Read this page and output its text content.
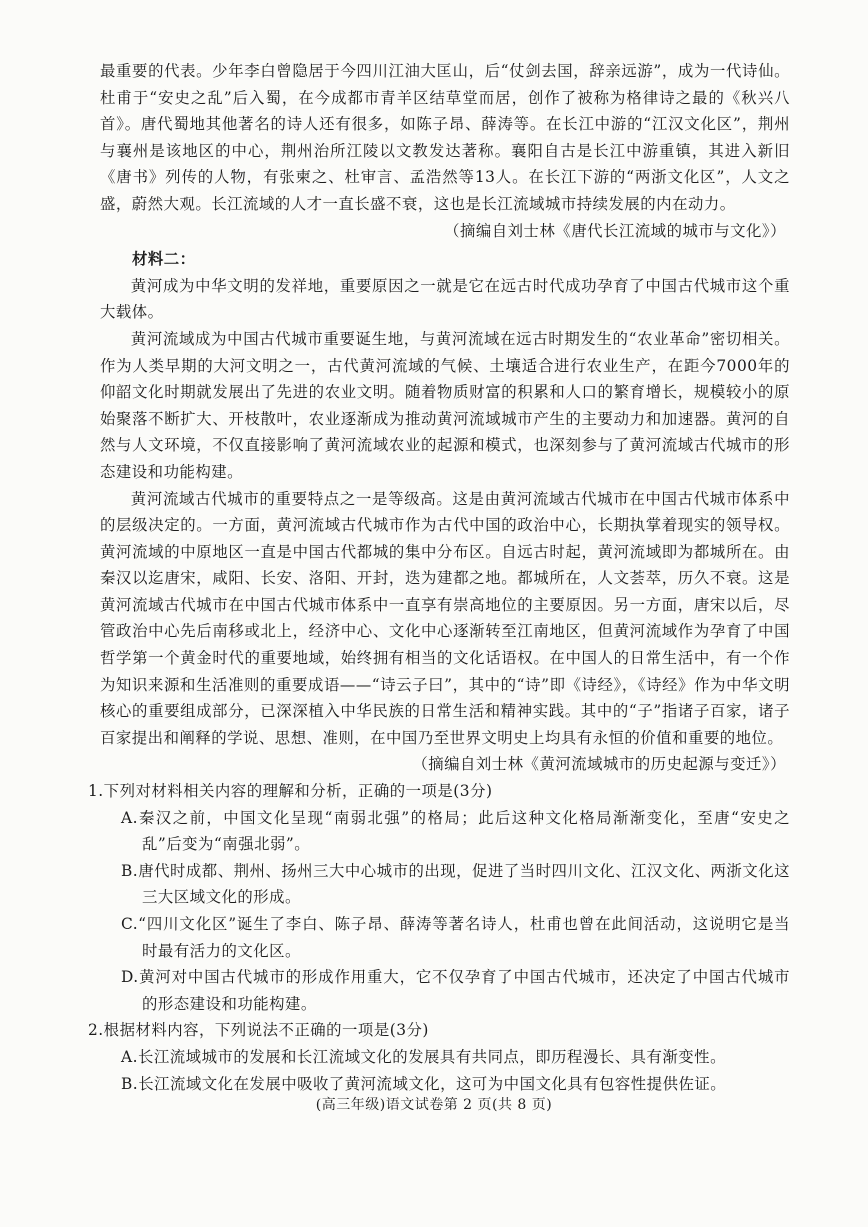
最重要的代表。少年李白曾隐居于今四川江油大匡山，后“仗剑去国，辞亲远游”，成为一代诗仙。杜甫于“安史之乱”后入蜀，在今成都市青羊区结草堂而居，创作了被称为格律诗之最的《秋兴八首》。唐代蜀地其他著名的诗人还有很多，如陈子昂、薛涛等。在长江中游的“江汉文化区”，荆州与襄州是该地区的中心，荆州治所江陵以文教发达著称。襄阳自古是长江中游重镇，其进入新旧《唐书》列传的人物，有张柬之、杜审言、孟浩然等13人。在长江下游的“两浙文化区”，人文之盛，蔚然大观。长江流域的人才一直长盛不衰，这也是长江流域城市持续发展的内在动力。

（摘编自刘士林《唐代长江流域的城市与文化》）

材料二：

黄河成为中华文明的发祥地，重要原因之一就是它在远古时代成功孕育了中国古代城市这个重大载体。

黄河流域成为中国古代城市重要诞生地，与黄河流域在远古时期发生的“农业革命”密切相关。作为人类早期的大河文明之一，古代黄河流域的气候、土壤适合进行农业生产，在距今7000年的仰韶文化时期就发展出了先进的农业文明。随着物质财富的积累和人口的繁育增长，规模较小的原始聚落不断扩大、开枝散叶，农业逐渐成为推动黄河流域城市产生的主要动力和加速器。黄河的自然与人文环境，不仅直接影响了黄河流域农业的起源和模式，也深刻参与了黄河流域古代城市的形态建设和功能构建。

黄河流域古代城市的重要特点之一是等级高。这是由黄河流域古代城市在中国古代城市体系中的层级决定的。一方面，黄河流域古代城市作为古代中国的政治中心，长期执掌着现实的领导权。黄河流域的中原地区一直是中国古代都城的集中分布区。自远古时起，黄河流域即为都城所在。由秦汉以迄唐宋，咸阳、长安、洛阳、开封，迭为建都之地。都城所在，人文荟萃，历久不衰。这是黄河流域古代城市在中国古代城市体系中一直享有崇高地位的主要原因。另一方面，唐宋以后，尽管政治中心先后南移或北上，经济中心、文化中心逐渐转至江南地区，但黄河流域作为孕育了中国哲学第一个黄金时代的重要地域，始终拥有相当的文化话语权。在中国人的日常生活中，有一个作为知识来源和生活准则的重要成语——“诗云子曰”，其中的“诗”即《诗经》，《诗经》作为中华文明核心的重要组成部分，已深深植入中华民族的日常生活和精神实践。其中的“子”指诸子百家，诸子百家提出和阐释的学说、思想、准则，在中国乃至世界文明史上均具有永恒的价值和重要的地位。

（摘编自刘士林《黄河流域城市的历史起源与变迁》）

1.下列对材料相关内容的理解和分析，正确的一项是(3分)

A.秦汉之前，中国文化呈现“南弱北强”的格局；此后这种文化格局渐渐变化，至唐“安史之乱”后变为“南强北弱”。

B.唐代时成都、荆州、扬州三大中心城市的出现，促进了当时四川文化、江汉文化、两浙文化这三大区域文化的形成。

C.“四川文化区”诞生了李白、陈子昂、薛涛等著名诗人，杜甫也曾在此间活动，这说明它是当时最有活力的文化区。

D.黄河对中国古代城市的形成作用重大，它不仅孕育了中国古代城市，还决定了中国古代城市的形态建设和功能构建。

2.根据材料内容，下列说法不正确的一项是(3分)

A.长江流域城市的发展和长江流域文化的发展具有共同点，即历程漫长、具有渐变性。

B.长江流域文化在发展中吸收了黄河流域文化，这可为中国文化具有包容性提供佐证。

(高三年级)语文试卷第 2 页(共 8 页)
